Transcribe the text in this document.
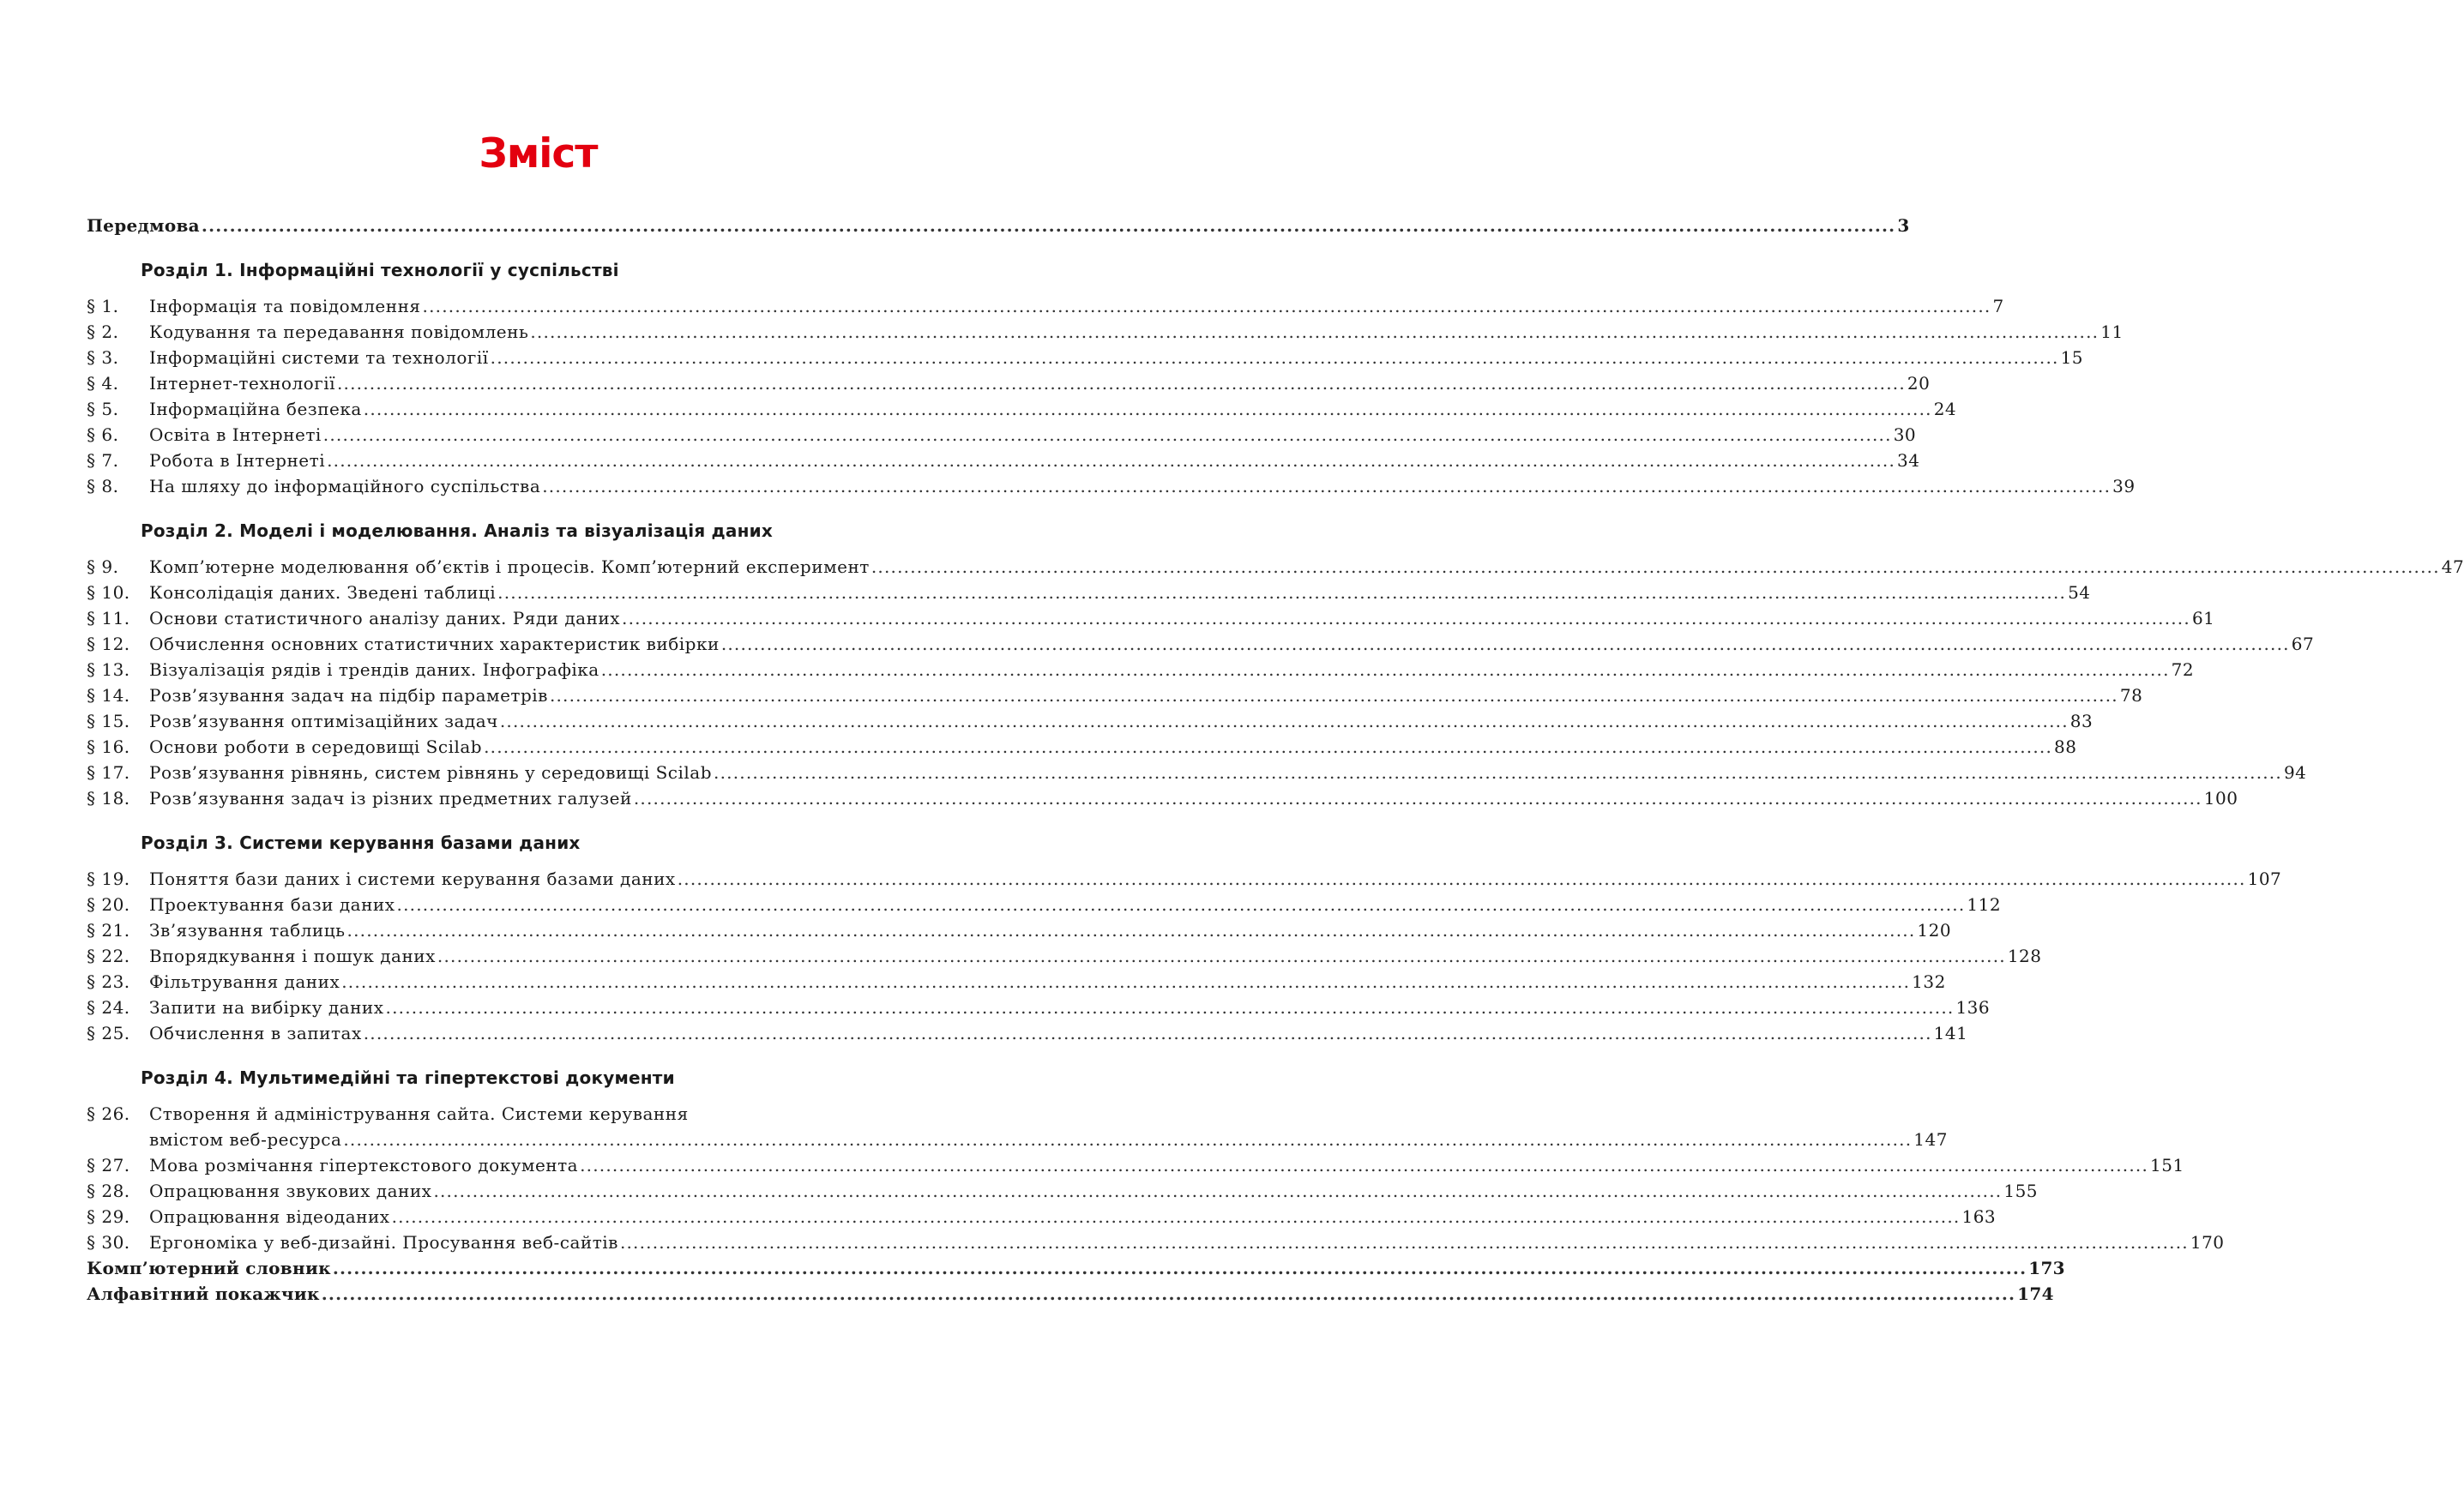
Зміст
Передмова .....	3
Розділ 1. Інформаційні технології у суспільстві
§ 1.	Інформація та повідомлення .....	7
§ 2.	Кодування та передавання повідомлень .....	11
§ 3.	Інформаційні системи та технології .....	15
§ 4.	Інтернет-технології .....	20
§ 5.	Інформаційна безпека .....	24
§ 6.	Освіта в Інтернеті .....	30
§ 7.	Робота в Інтернеті .....	34
§ 8.	На шляху до інформаційного суспільства .....	39
Розділ 2. Моделі і моделювання. Аналіз та візуалізація даних
§ 9.	Комп’ютерне моделювання об’єктів і процесів. Комп’ютерний експеримент .....	47
§ 10.	Консолідація даних. Зведені таблиці .....	54
§ 11.	Основи статистичного аналізу даних. Ряди даних .....	61
§ 12.	Обчислення основних статистичних характеристик вибірки .....	67
§ 13.	Візуалізація рядів і трендів даних. Інфографіка .....	72
§ 14.	Розв’язування задач на підбір параметрів .....	78
§ 15.	Розв’язування оптимізаційних задач .....	83
§ 16.	Основи роботи в середовищі Scilab .....	88
§ 17.	Розв’язування рівнянь, систем рівнянь у середовищі Scilab .....	94
§ 18.	Розв’язування задач із різних предметних галузей .....	100
Розділ 3. Системи керування базами даних
§ 19.	Поняття бази даних і системи керування базами даних .....	107
§ 20.	Проектування бази даних .....	112
§ 21.	Зв’язування таблиць .....	120
§ 22.	Впорядкування і пошук даних .....	128
§ 23.	Фільтрування даних .....	132
§ 24.	Запити на вибірку даних .....	136
§ 25.	Обчислення в запитах .....	141
Розділ 4. Мультимедійні та гіпертекстові документи
§ 26.	Створення й адміністрування сайта. Системи керування
вмістом веб-ресурса .....	147
§ 27.	Мова розмічання гіпертекстового документа .....	151
§ 28.	Опрацювання звукових даних .....	155
§ 29.	Опрацювання відеоданих .....	163
§ 30.	Ергономіка у веб-дизайні. Просування веб-сайтів .....	170
Комп’ютерний словник .....	173
Алфавітний покажчик .....	174
